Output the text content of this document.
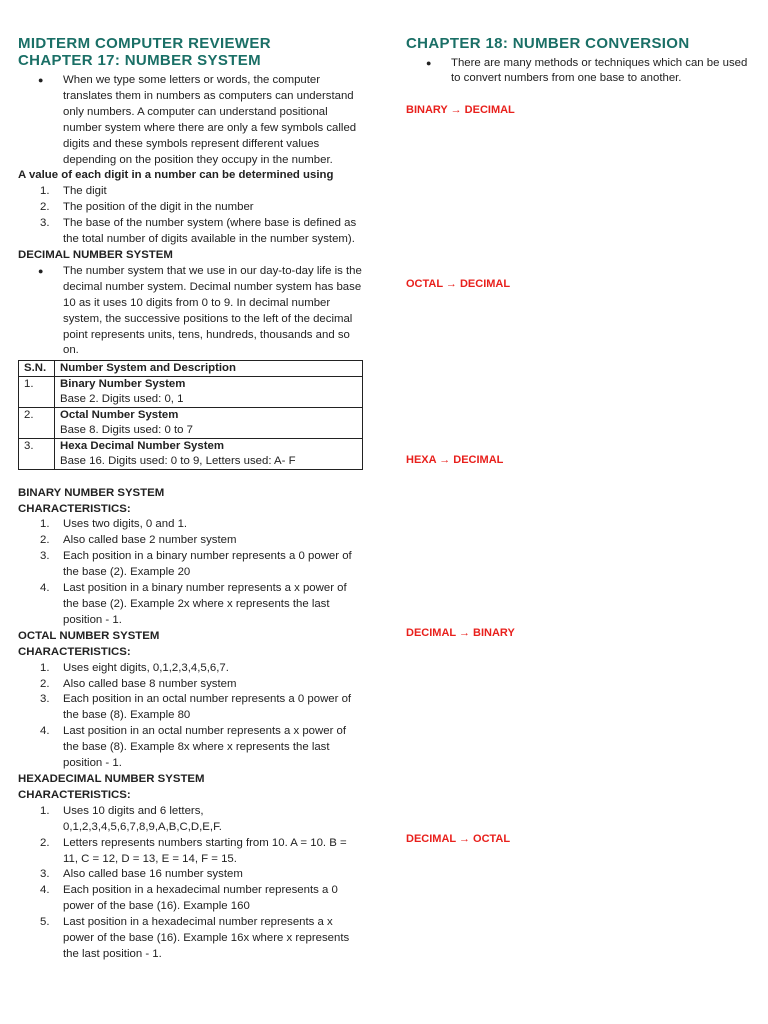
MIDTERM COMPUTER REVIEWER
CHAPTER 17: NUMBER SYSTEM
● When we type some letters or words, the computer translates them in numbers as computers can understand only numbers. A computer can understand positional number system where there are only a few symbols called digits and these symbols represent different values depending on the position they occupy in the number.
A value of each digit in a number can be determined using
1. The digit
2. The position of the digit in the number
3. The base of the number system (where base is defined as the total number of digits available in the number system).
DECIMAL NUMBER SYSTEM
● The number system that we use in our day-to-day life is the decimal number system. Decimal number system has base 10 as it uses 10 digits from 0 to 9. In decimal number system, the successive positions to the left of the decimal point represents units, tens, hundreds, thousands and so on.
S.N.	Number System and Description
1.	Binary Number System
Base 2. Digits used: 0, 1

2.	Octal Number System
Base 8. Digits used: 0 to 7

3.	Hexa Decimal Number System
Base 16. Digits used: 0 to 9, Letters used: A- F
BINARY NUMBER SYSTEM
CHARACTERISTICS:
1. Uses two digits, 0 and 1.
2. Also called base 2 number system
3. Each position in a binary number represents a 0 power of the base (2). Example 20
4. Last position in a binary number represents a x power of the base (2). Example 2x where x represents the last position - 1.
OCTAL NUMBER SYSTEM
CHARACTERISTICS:
1. Uses eight digits, 0,1,2,3,4,5,6,7.
2. Also called base 8 number system
3. Each position in an octal number represents a 0 power of the base (8). Example 80
4. Last position in an octal number represents a x power of the base (8). Example 8x where x represents the last position - 1.
HEXADECIMAL NUMBER SYSTEM
CHARACTERISTICS:
1. Uses 10 digits and 6 letters, 0,1,2,3,4,5,6,7,8,9,A,B,C,D,E,F.
2. Letters represents numbers starting from 10. A = 10. B = 11, C = 12, D = 13, E = 14, F = 15.
3. Also called base 16 number system
4. Each position in a hexadecimal number represents a 0 power of the base (16). Example 160
5. Last position in a hexadecimal number represents a x power of the base (16). Example 16x where x represents the last position - 1.
CHAPTER 18: NUMBER CONVERSION
● There are many methods or techniques which can be used to convert numbers from one base to another.
BINARY → DECIMAL
OCTAL → DECIMAL
HEXA → DECIMAL
DECIMAL → BINARY
DECIMAL → OCTAL
